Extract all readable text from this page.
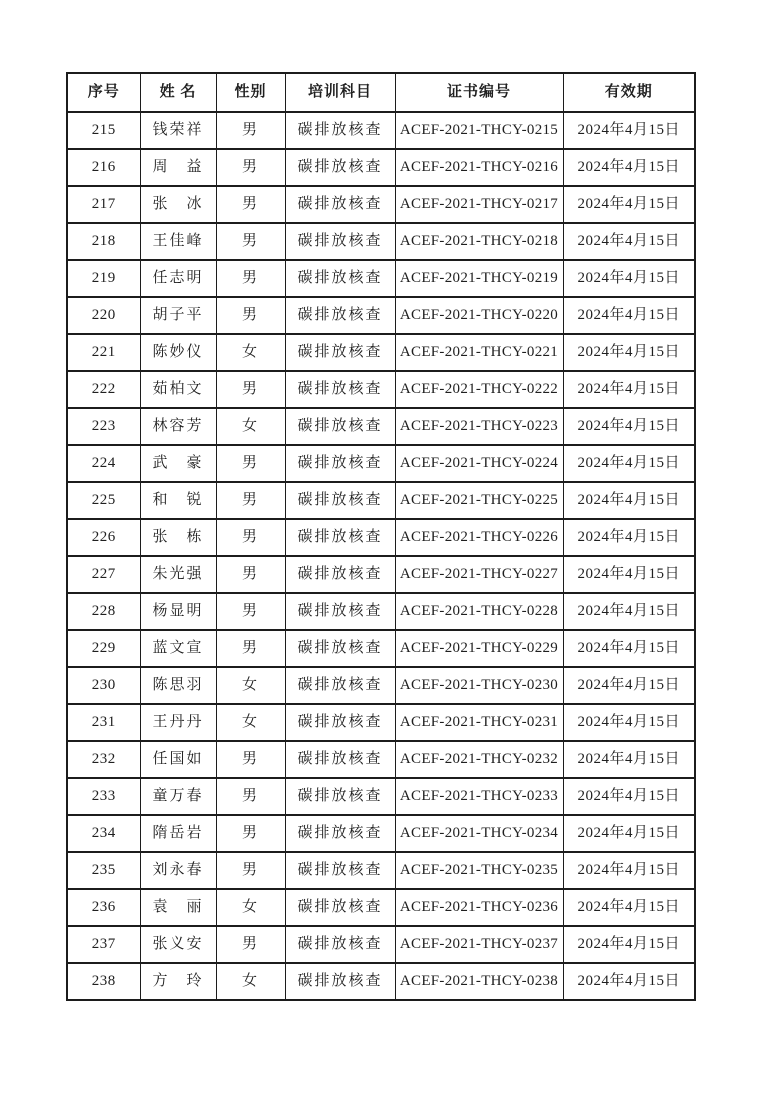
序号	姓 名	性别	培训科目	证书编号	有效期
215	钱荣祥	男	碳排放核查	ACEF-2021-THCY-0215	2024年4月15日
216	周　益	男	碳排放核查	ACEF-2021-THCY-0216	2024年4月15日
217	张　冰	男	碳排放核查	ACEF-2021-THCY-0217	2024年4月15日
218	王佳峰	男	碳排放核查	ACEF-2021-THCY-0218	2024年4月15日
219	任志明	男	碳排放核查	ACEF-2021-THCY-0219	2024年4月15日
220	胡子平	男	碳排放核查	ACEF-2021-THCY-0220	2024年4月15日
221	陈妙仪	女	碳排放核查	ACEF-2021-THCY-0221	2024年4月15日
222	茹柏文	男	碳排放核查	ACEF-2021-THCY-0222	2024年4月15日
223	林容芳	女	碳排放核查	ACEF-2021-THCY-0223	2024年4月15日
224	武　豪	男	碳排放核查	ACEF-2021-THCY-0224	2024年4月15日
225	和　锐	男	碳排放核查	ACEF-2021-THCY-0225	2024年4月15日
226	张　栋	男	碳排放核查	ACEF-2021-THCY-0226	2024年4月15日
227	朱光强	男	碳排放核查	ACEF-2021-THCY-0227	2024年4月15日
228	杨显明	男	碳排放核查	ACEF-2021-THCY-0228	2024年4月15日
229	蓝文宣	男	碳排放核查	ACEF-2021-THCY-0229	2024年4月15日
230	陈思羽	女	碳排放核查	ACEF-2021-THCY-0230	2024年4月15日
231	王丹丹	女	碳排放核查	ACEF-2021-THCY-0231	2024年4月15日
232	任国如	男	碳排放核查	ACEF-2021-THCY-0232	2024年4月15日
233	童万春	男	碳排放核查	ACEF-2021-THCY-0233	2024年4月15日
234	隋岳岩	男	碳排放核查	ACEF-2021-THCY-0234	2024年4月15日
235	刘永春	男	碳排放核查	ACEF-2021-THCY-0235	2024年4月15日
236	袁　丽	女	碳排放核查	ACEF-2021-THCY-0236	2024年4月15日
237	张义安	男	碳排放核查	ACEF-2021-THCY-0237	2024年4月15日
238	方　玲	女	碳排放核查	ACEF-2021-THCY-0238	2024年4月15日
